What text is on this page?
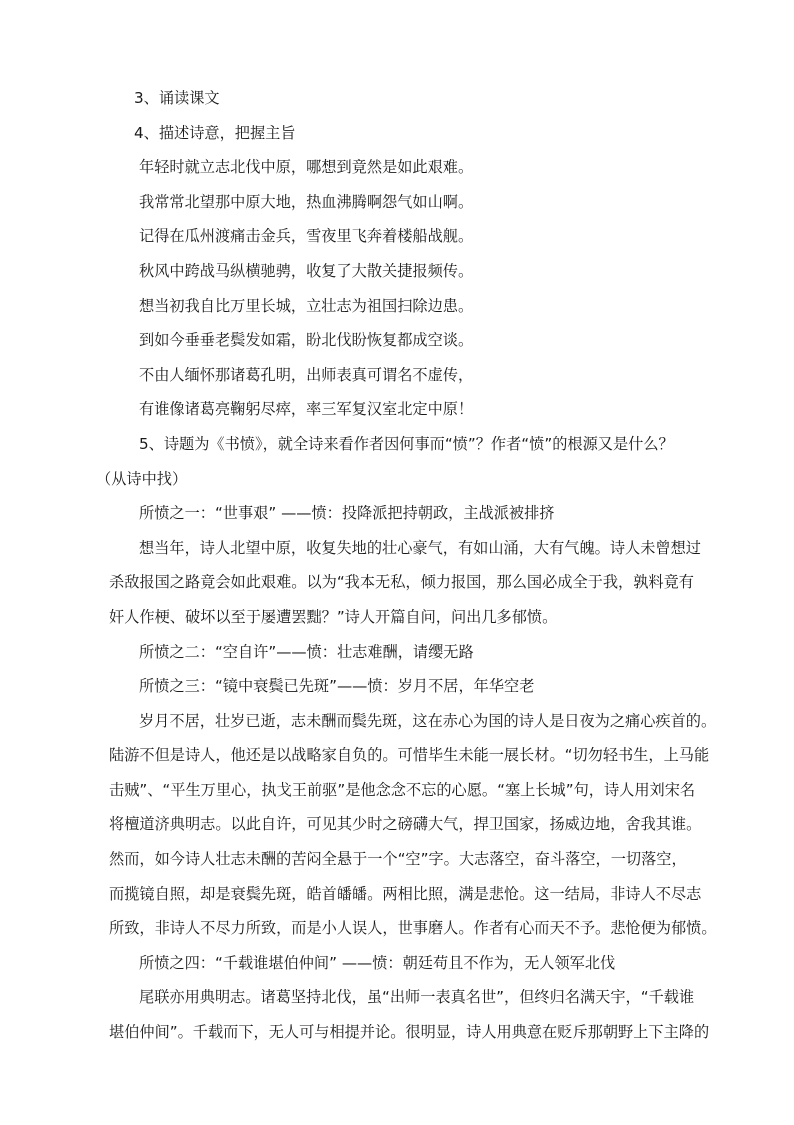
3、诵读课文

4、描述诗意，把握主旨

年轻时就立志北伐中原，哪想到竟然是如此艰难。

我常常北望那中原大地，热血沸腾啊怨气如山啊。

记得在瓜州渡痛击金兵，雪夜里飞奔着楼船战舰。

秋风中跨战马纵横驰骋，收复了大散关捷报频传。

想当初我自比万里长城，立壮志为祖国扫除边患。

到如今垂垂老鬓发如霜，盼北伐盼恢复都成空谈。

不由人缅怀那诸葛孔明，出师表真可谓名不虚传，

有谁像诸葛亮鞠躬尽瘁，率三军复汉室北定中原！

5、诗题为《书愤》，就全诗来看作者因何事而“愤”？作者“愤”的根源又是什么？

（从诗中找）

所愤之一：“世事艰” ——愤：投降派把持朝政，主战派被排挤

想当年，诗人北望中原，收复失地的壮心豪气，有如山涌，大有气魄。诗人未曾想过

杀敌报国之路竟会如此艰难。以为“我本无私，倾力报国，那么国必成全于我，孰料竟有

奸人作梗、破坏以至于屡遭罢黜？”诗人开篇自问，问出几多郁愤。

所愤之二：“空自许”——愤：壮志难酬，请缨无路

所愤之三：“镜中衰鬓已先斑”——愤：岁月不居，年华空老

岁月不居，壮岁已逝，志未酬而鬓先斑，这在赤心为国的诗人是日夜为之痛心疾首的。

陆游不但是诗人，他还是以战略家自负的。可惜毕生未能一展长材。“切勿轻书生，上马能

击贼”、“平生万里心，执戈王前驱”是他念念不忘的心愿。“塞上长城”句，诗人用刘宋名

将檀道济典明志。以此自许，可见其少时之磅礴大气，捍卫国家，扬威边地，舍我其谁。

然而，如今诗人壮志未酬的苦闷全悬于一个“空”字。大志落空，奋斗落空，一切落空，

而揽镜自照，却是衰鬓先斑，皓首皤皤。两相比照，满是悲怆。这一结局，非诗人不尽志

所致，非诗人不尽力所致，而是小人误人，世事磨人。作者有心而天不予。悲怆便为郁愤。

所愤之四：“千载谁堪伯仲间” ——愤：朝廷苟且不作为，无人领军北伐

尾联亦用典明志。诸葛坚持北伐，虽“出师一表真名世”，但终归名满天宇，“千载谁

堪伯仲间”。千载而下，无人可与相提并论。很明显，诗人用典意在贬斥那朝野上下主降的
